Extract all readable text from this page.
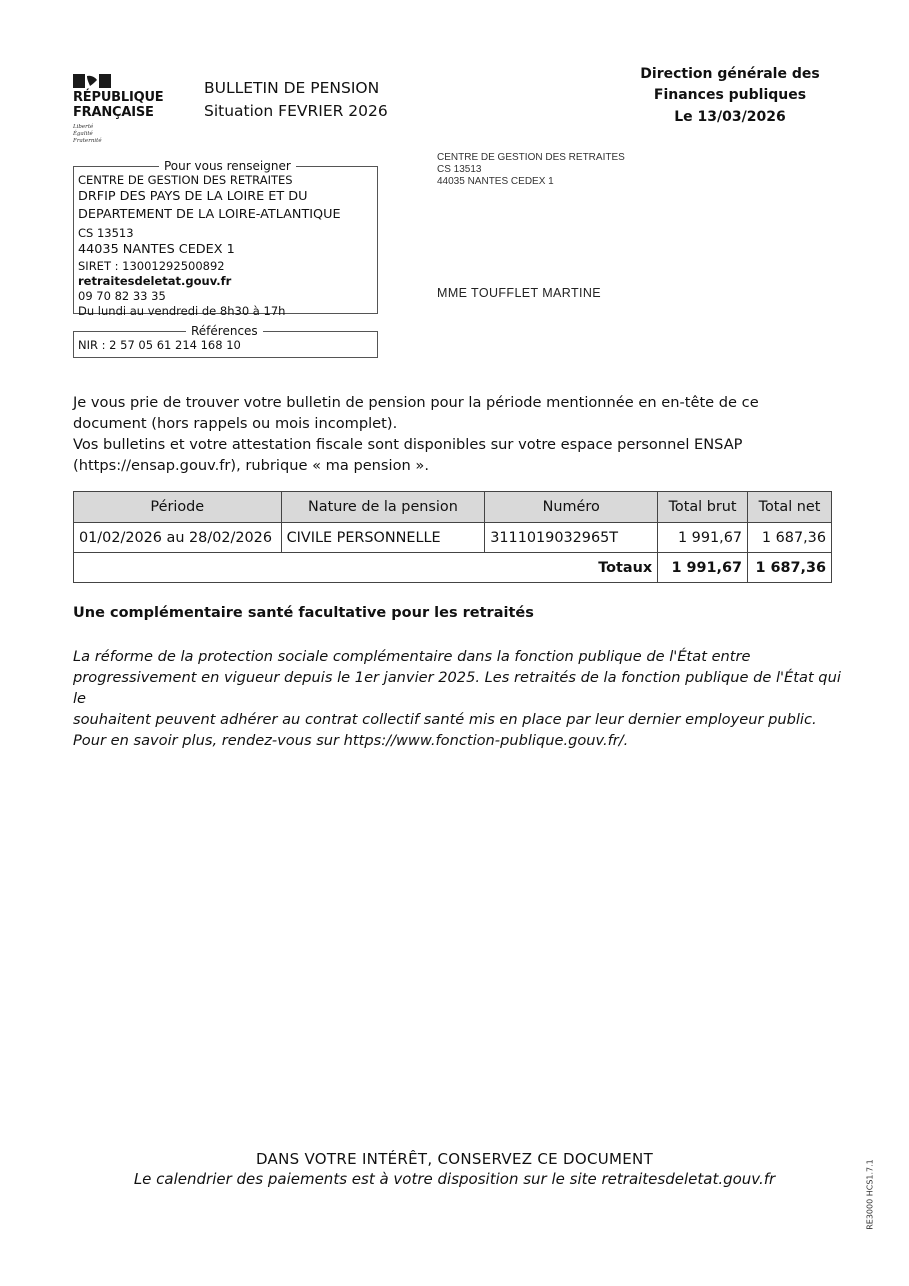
RÉPUBLIQUE
FRANÇAISE
Liberté
Égalité
Fraternité
BULLETIN DE PENSION
Situation FEVRIER 2026
Direction générale des
Finances publiques
Le 13/03/2026
Pour vous renseigner
CENTRE DE GESTION DES RETRAITES
DRFIP DES PAYS DE LA LOIRE ET DU
DEPARTEMENT DE LA LOIRE-ATLANTIQUE
CS 13513
44035 NANTES CEDEX 1
SIRET : 13001292500892
retraitesdeletat.gouv.fr
09 70 82 33 35
Du lundi au vendredi de 8h30 à 17h
Références
NIR : 2 57 05 61 214 168 10
CENTRE DE GESTION DES RETRAITES
CS 13513
44035 NANTES CEDEX 1
MME TOUFFLET MARTINE
Je vous prie de trouver votre bulletin de pension pour la période mentionnée en en-tête de ce
document (hors rappels ou mois incomplet).
Vos bulletins et votre attestation fiscale sont disponibles sur votre espace personnel ENSAP
(https://ensap.gouv.fr), rubrique « ma pension ».
Période	Nature de la pension	Numéro	Total brut	Total net
01/02/2026 au 28/02/2026	CIVILE PERSONNELLE	3111019032965T	1 991,67	1 687,36
Totaux			1 991,67	1 687,36
Une complémentaire santé facultative pour les retraités
La réforme de la protection sociale complémentaire dans la fonction publique de l'État entre
progressivement en vigueur depuis le 1er janvier 2025. Les retraités de la fonction publique de l'État qui le
souhaitent peuvent adhérer au contrat collectif santé mis en place par leur dernier employeur public.
Pour en savoir plus, rendez-vous sur https://www.fonction-publique.gouv.fr/.
DANS VOTRE INTÉRÊT, CONSERVEZ CE DOCUMENT
Le calendrier des paiements est à votre disposition sur le site retraitesdeletat.gouv.fr	RE3000 HCS1.7.1
